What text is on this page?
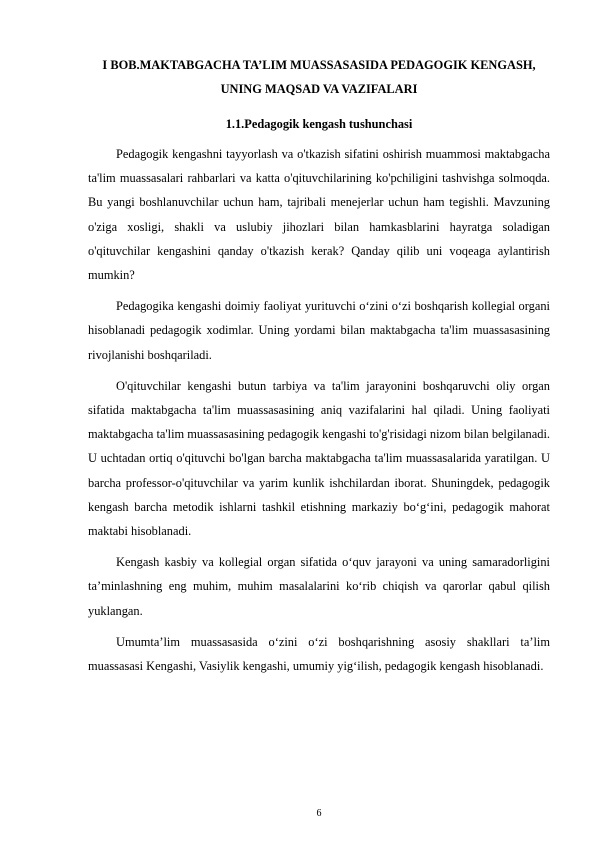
I BOB.MAKTABGACHA TA’LIM MUASSASASIDA PEDAGOGIK KENGASH, UNING MAQSAD VA VAZIFALARI
1.1.Pedagogik kengash tushunchasi

Pedagogik kengashni tayyorlash va o'tkazish sifatini oshirish muammosi maktabgacha ta'lim muassasalari rahbarlari va katta o'qituvchilarining ko'pchiligini tashvishga solmoqda. Bu yangi boshlanuvchilar uchun ham, tajribali menejerlar uchun ham tegishli. Mavzuning o'ziga xosligi, shakli va uslubiy jihozlari bilan hamkasblarini hayratga soladigan o'qituvchilar kengashini qanday o'tkazish kerak? Qanday qilib uni voqeaga aylantirish mumkin?

Pedagogika kengashi doimiy faoliyat yurituvchi o‘zini o‘zi boshqarish kollegial organi hisoblanadi pedagogik xodimlar. Uning yordami bilan maktabgacha ta'lim muassasasining rivojlanishi boshqariladi.

O'qituvchilar kengashi butun tarbiya va ta'lim jarayonini boshqaruvchi oliy organ sifatida maktabgacha ta'lim muassasasining aniq vazifalarini hal qiladi. Uning faoliyati maktabgacha ta'lim muassasasining pedagogik kengashi to'g'risidagi nizom bilan belgilanadi. U uchtadan ortiq o'qituvchi bo'lgan barcha maktabgacha ta'lim muassasalarida yaratilgan. U barcha professor-o'qituvchilar va yarim kunlik ishchilardan iborat. Shuningdek, pedagogik kengash barcha metodik ishlarni tashkil etishning markaziy bo‘g‘ini, pedagogik mahorat maktabi hisoblanadi.

Kengash kasbiy va kollegial organ sifatida o‘quv jarayoni va uning samaradorligini ta’minlashning eng muhim, muhim masalalarini ko‘rib chiqish va qarorlar qabul qilish yuklangan.

Umumta’lim muassasasida o‘zini o‘zi boshqarishning asosiy shakllari ta’lim muassasasi Kengashi, Vasiylik kengashi, umumiy yig‘ilish, pedagogik kengash hisoblanadi.

6
